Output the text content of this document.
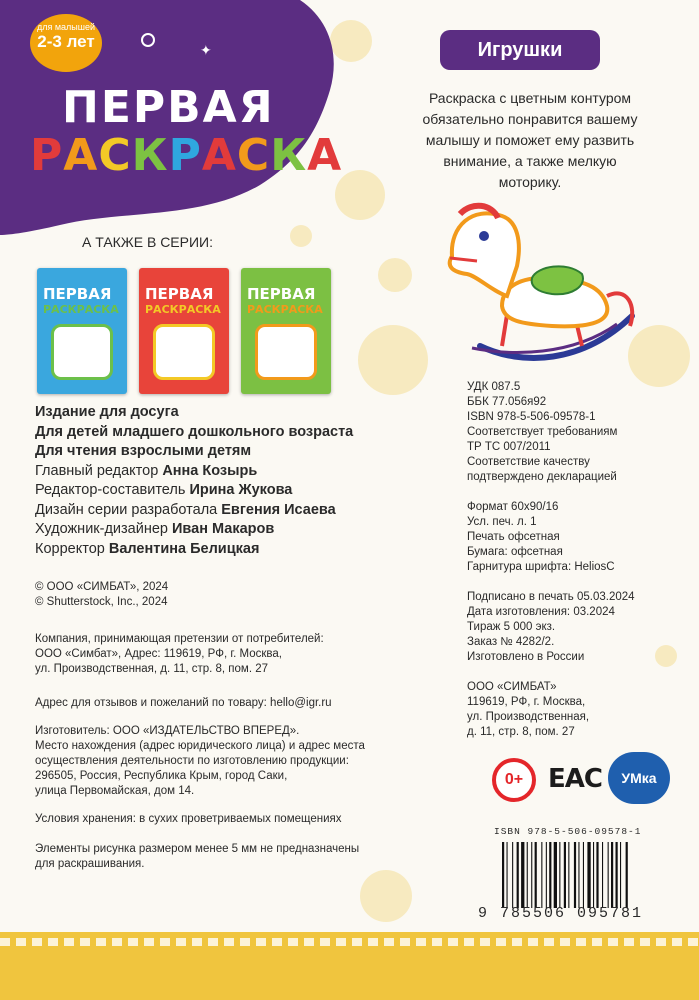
✦
для малышей
2-3 лет
ПЕРВАЯ
РАСКРАСКА
А ТАКЖЕ В СЕРИИ:
ПЕРВАЯ
РАСКРАСКА
ПЕРВАЯ
РАСКРАСКА
ПЕРВАЯ
РАСКРАСКА
Игрушки
Раскраска с цветным контуром
обязательно понравится вашему
малышу и поможет ему развить
внимание, а также мелкую
моторику.
Издание для досуга
Для детей младшего дошкольного возраста
Для чтения взрослыми детям
Главный редактор Анна Козырь
Редактор-составитель Ирина Жукова
Дизайн серии разработала Евгения Исаева
Художник-дизайнер Иван Макаров
Корректор Валентина Белицкая
© ООО «СИМБАТ», 2024
© Shutterstock, Inc., 2024
Компания, принимающая претензии от потребителей:
ООО «Симбат», Адрес: 119619, РФ, г. Москва,
ул. Производственная, д. 11, стр. 8, пом. 27
Адрес для отзывов и пожеланий по товару: hello@igr.ru
Изготовитель: ООО «ИЗДАТЕЛЬСТВО ВПЕРЕД».
Место нахождения (адрес юридического лица) и адрес места
осуществления деятельности по изготовлению продукции:
296505, Россия, Республика Крым, город Саки,
улица Первомайская, дом 14.
Условия хранения: в сухих проветриваемых помещениях
Элементы рисунка размером менее 5 мм не предназначены
для раскрашивания.
УДК 087.5
ББК 77.056я92
ISBN 978-5-506-09578-1
Соответствует требованиям
ТР ТС 007/2011
Соответствие качеству
подтверждено декларацией
Формат 60х90/16
Усл. печ. л. 1
Печать офсетная
Бумага: офсетная
Гарнитура шрифта: HeliosC
Подписано в печать 05.03.2024
Дата изготовления: 03.2024
Тираж 5 000 экз.
Заказ № 4282/2.
Изготовлено в России
ООО «СИМБАТ»
119619, РФ, г. Москва,
ул. Производственная,
д. 11, стр. 8, пом. 27
0+ EAC	УМка
ISBN 978-5-506-09578-1
9 785506 095781
